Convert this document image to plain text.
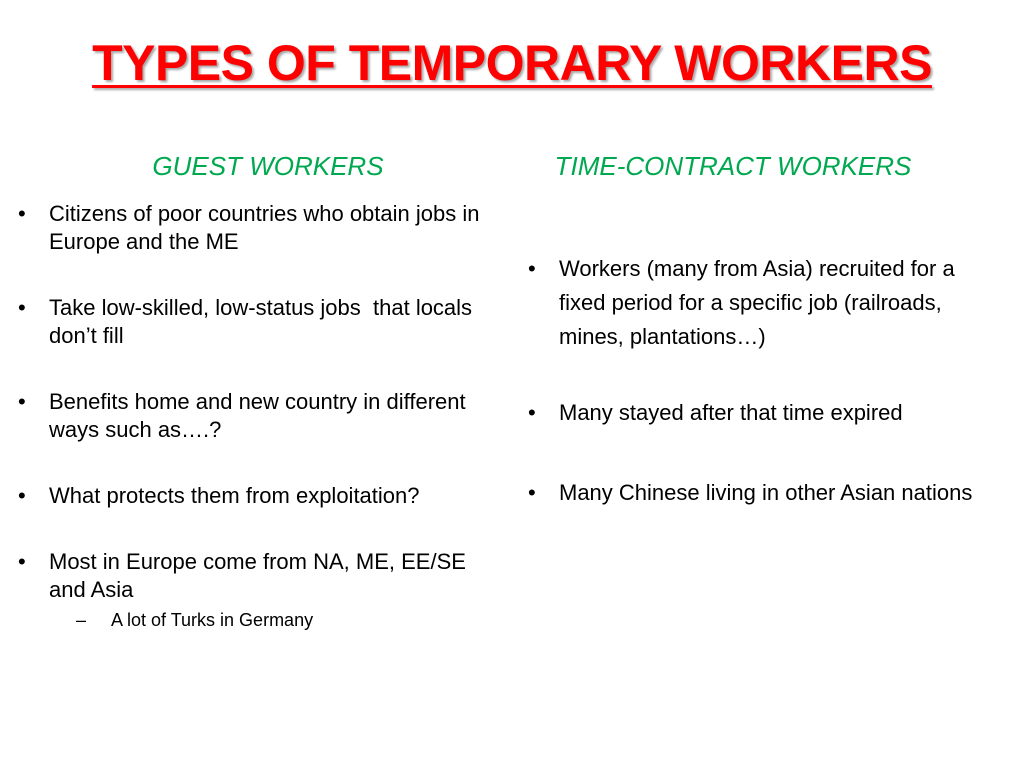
TYPES OF TEMPORARY WORKERS
GUEST WORKERS	TIME-CONTRACT WORKERS
•	Citizens of poor countries who obtain jobs in Europe and the ME
•	Take low-skilled, low-status jobs  that locals don’t fill
•	Benefits home and new country in different ways such as….?
•	What protects them from exploitation?
•	Most in Europe come from NA, ME, EE/SE and Asia
– A lot of Turks in Germany
•	Workers (many from Asia) recruited for a fixed period for a specific job (railroads, mines, plantations…)
•	Many stayed after that time expired
•	Many Chinese living in other Asian nations
